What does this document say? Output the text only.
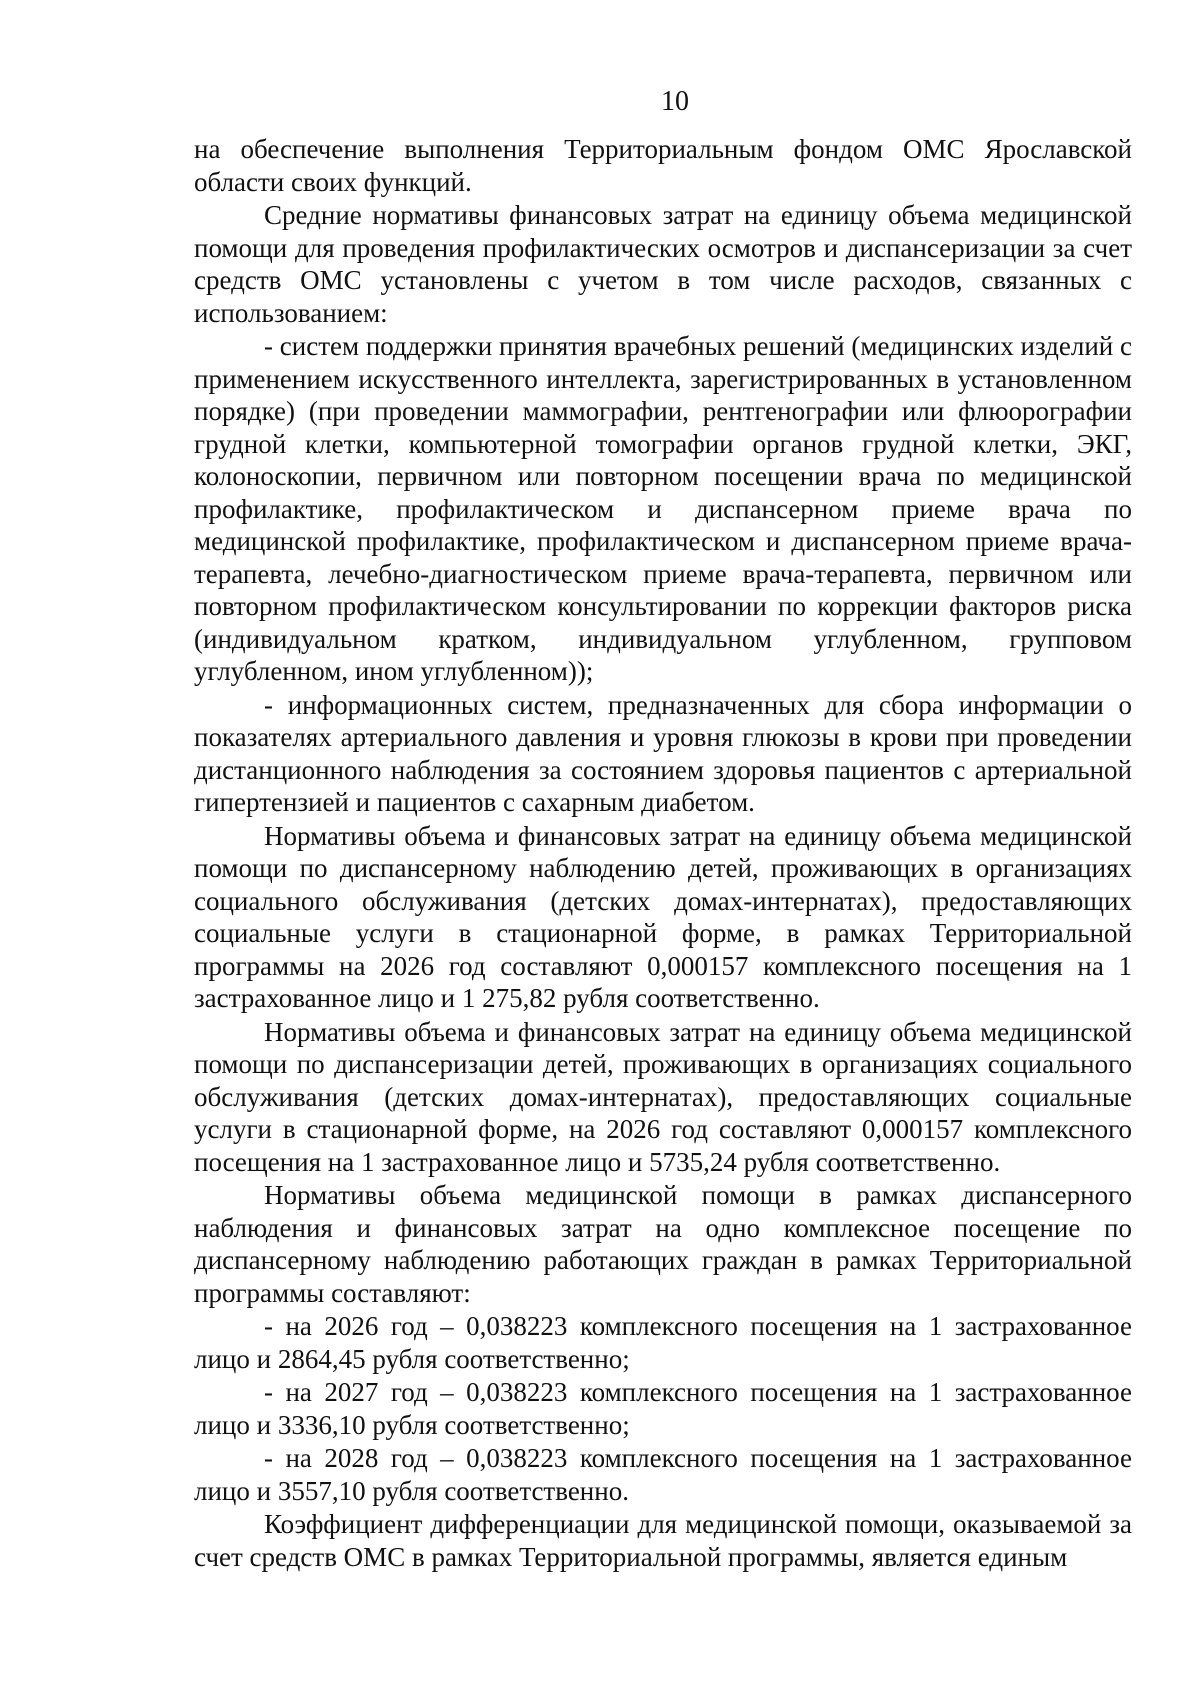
10

на обеспечение выполнения Территориальным фондом ОМС Ярославской области своих функций.

Средние нормативы финансовых затрат на единицу объема медицинской помощи для проведения профилактических осмотров и диспансеризации за счет средств ОМС установлены с учетом в том числе расходов, связанных с использованием:

- систем поддержки принятия врачебных решений (медицинских изделий с применением искусственного интеллекта, зарегистрированных в установленном порядке) (при проведении маммографии, рентгенографии или флюорографии грудной клетки, компьютерной томографии органов грудной клетки, ЭКГ, колоноскопии, первичном или повторном посещении врача по медицинской профилактике, профилактическом и диспансерном приеме врача по медицинской профилактике, профилактическом и диспансерном приеме врача-терапевта, лечебно-диагностическом приеме врача-терапевта, первичном или повторном профилактическом консультировании по коррекции факторов риска (индивидуальном кратком, индивидуальном углубленном, групповом углубленном, ином углубленном));

- информационных систем, предназначенных для сбора информации о показателях артериального давления и уровня глюкозы в крови при проведении дистанционного наблюдения за состоянием здоровья пациентов с артериальной гипертензией и пациентов с сахарным диабетом.

Нормативы объема и финансовых затрат на единицу объема медицинской помощи по диспансерному наблюдению детей, проживающих в организациях социального обслуживания (детских домах-интернатах), предоставляющих социальные услуги в стационарной форме, в рамках Территориальной программы на 2026 год составляют 0,000157 комплексного посещения на 1 застрахованное лицо и 1 275,82 рубля соответственно.

Нормативы объема и финансовых затрат на единицу объема медицинской помощи по диспансеризации детей, проживающих в организациях социального обслуживания (детских домах-интернатах), предоставляющих социальные услуги в стационарной форме, на 2026 год составляют 0,000157 комплексного посещения на 1 застрахованное лицо и 5735,24 рубля соответственно.

Нормативы объема медицинской помощи в рамках диспансерного наблюдения и финансовых затрат на одно комплексное посещение по диспансерному наблюдению работающих граждан в рамках Территориальной программы составляют:

- на 2026 год – 0,038223 комплексного посещения на 1 застрахованное лицо и 2864,45 рубля соответственно;

- на 2027 год – 0,038223 комплексного посещения на 1 застрахованное лицо и 3336,10 рубля соответственно;

- на 2028 год – 0,038223 комплексного посещения на 1 застрахованное лицо и 3557,10 рубля соответственно.

Коэффициент дифференциации для медицинской помощи, оказываемой за счет средств ОМС в рамках Территориальной программы, является единым
